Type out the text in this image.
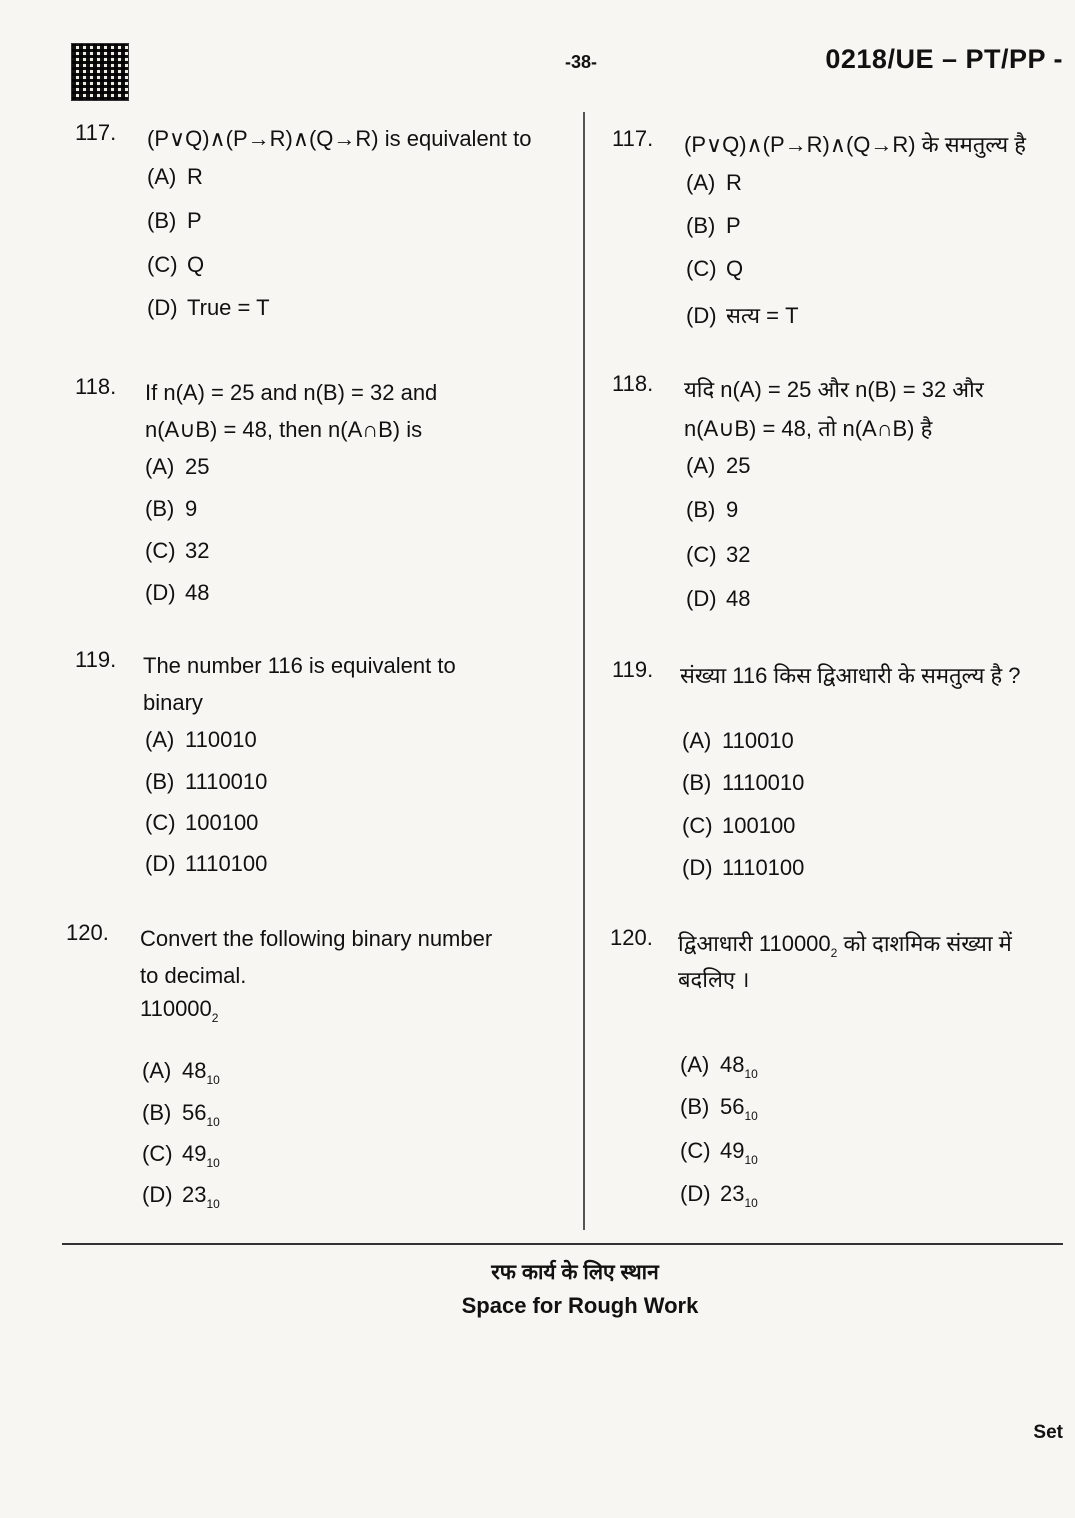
-38-	0218/UE – PT/PP -
117. (P∨Q)∧(P→R)∧(Q→R) is equivalent to
(A) R
(B) P
(C) Q
(D) True = T
118. If n(A) = 25 and n(B) = 32 and
n(A∪B) = 48, then n(A∩B) is
(A) 25
(B) 9
(C) 32
(D) 48
119. The number 116 is equivalent to
binary
(A) 110010
(B) 1110010
(C) 100100
(D) 1110100
120. Convert the following binary number
to decimal.
$110000_2$
(A) $48_{10}$
(B) $56_{10}$
(C) $49_{10}$
(D) $23_{10}$
117. (P∨Q)∧(P→R)∧(Q→R) के समतुल्य है
(A) R
(B) P
(C) Q
(D) सत्य = T
118. यदि n(A) = 25 और n(B) = 32 और
n(A∪B) = 48, तो n(A∩B) है
(A) 25
(B) 9
(C) 32
(D) 48
119. संख्या 116 किस द्विआधारी के समतुल्य है ?
(A) 110010
(B) 1110010
(C) 100100
(D) 1110100
120. द्विआधारी $110000_2$ को दाशमिक संख्या में
बदलिए ।
(A) $48_{10}$
(B) $56_{10}$
(C) $49_{10}$
(D) $23_{10}$
रफ कार्य के लिए स्थान
Space for Rough Work
Set
